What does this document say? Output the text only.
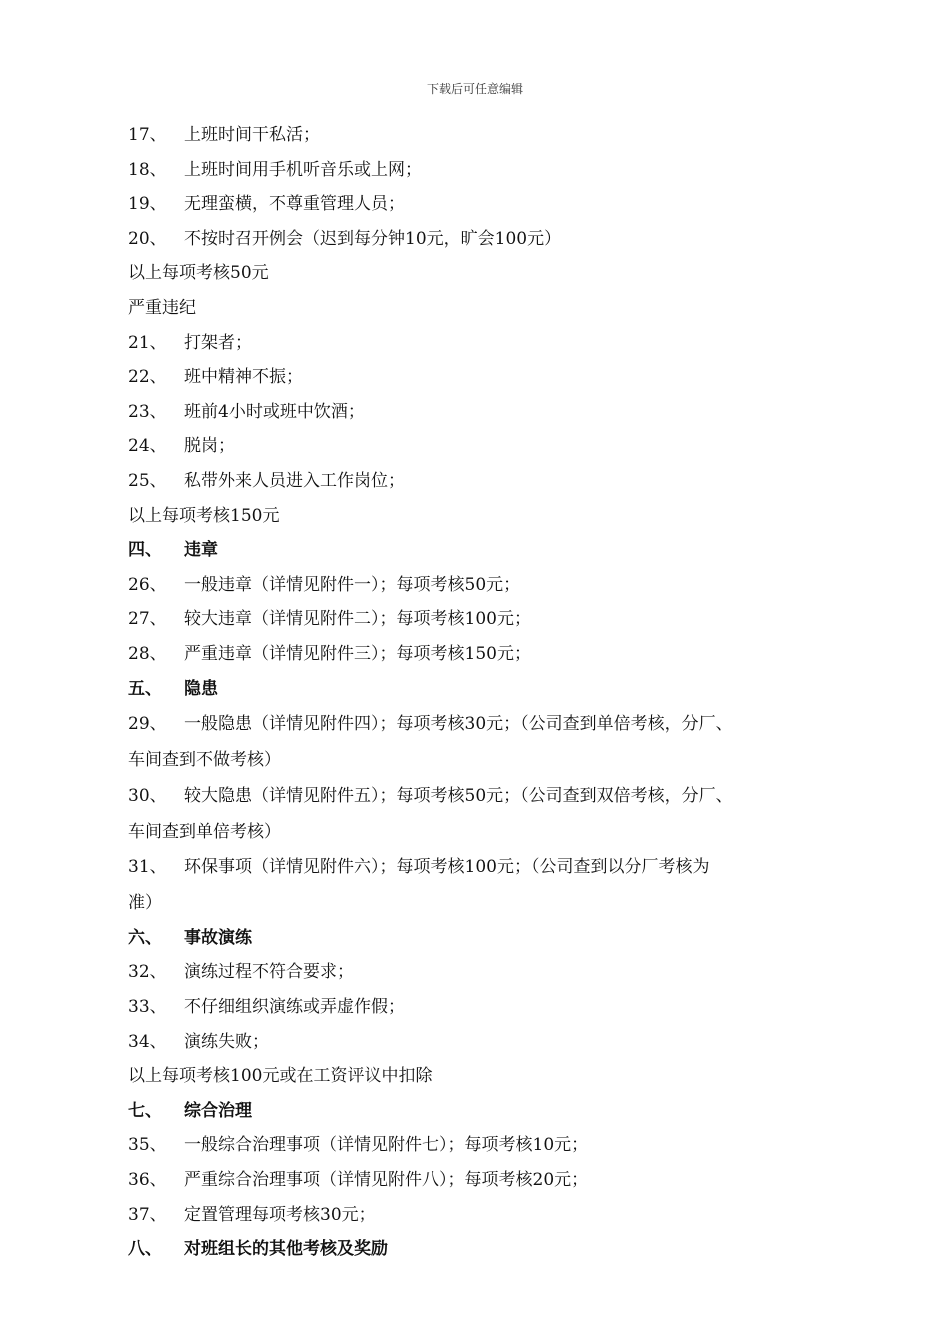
下载后可任意编辑
17、 上班时间干私活；
18、 上班时间用手机听音乐或上网；
19、 无理蛮横，不尊重管理人员；
20、 不按时召开例会（迟到每分钟10元，旷会100元）
以上每项考核50元
严重违纪
21、 打架者；
22、 班中精神不振；
23、 班前4小时或班中饮酒；
24、 脱岗；
25、 私带外来人员进入工作岗位；
以上每项考核150元
四、 违章
26、 一般违章（详情见附件一）；每项考核50元；
27、 较大违章（详情见附件二）；每项考核100元；
28、 严重违章（详情见附件三）；每项考核150元；
五、 隐患
29、 一般隐患（详情见附件四）；每项考核30元；（公司查到单倍考核，分厂、
车间查到不做考核）
30、 较大隐患（详情见附件五）；每项考核50元；（公司查到双倍考核，分厂、
车间查到单倍考核）
31、 环保事项（详情见附件六）；每项考核100元；（公司查到以分厂考核为
准）
六、 事故演练
32、 演练过程不符合要求；
33、 不仔细组织演练或弄虚作假；
34、 演练失败；
以上每项考核100元或在工资评议中扣除
七、 综合治理
35、 一般综合治理事项（详情见附件七）；每项考核10元；
36、 严重综合治理事项（详情见附件八）；每项考核20元；
37、 定置管理每项考核30元；
八、 对班组长的其他考核及奖励
